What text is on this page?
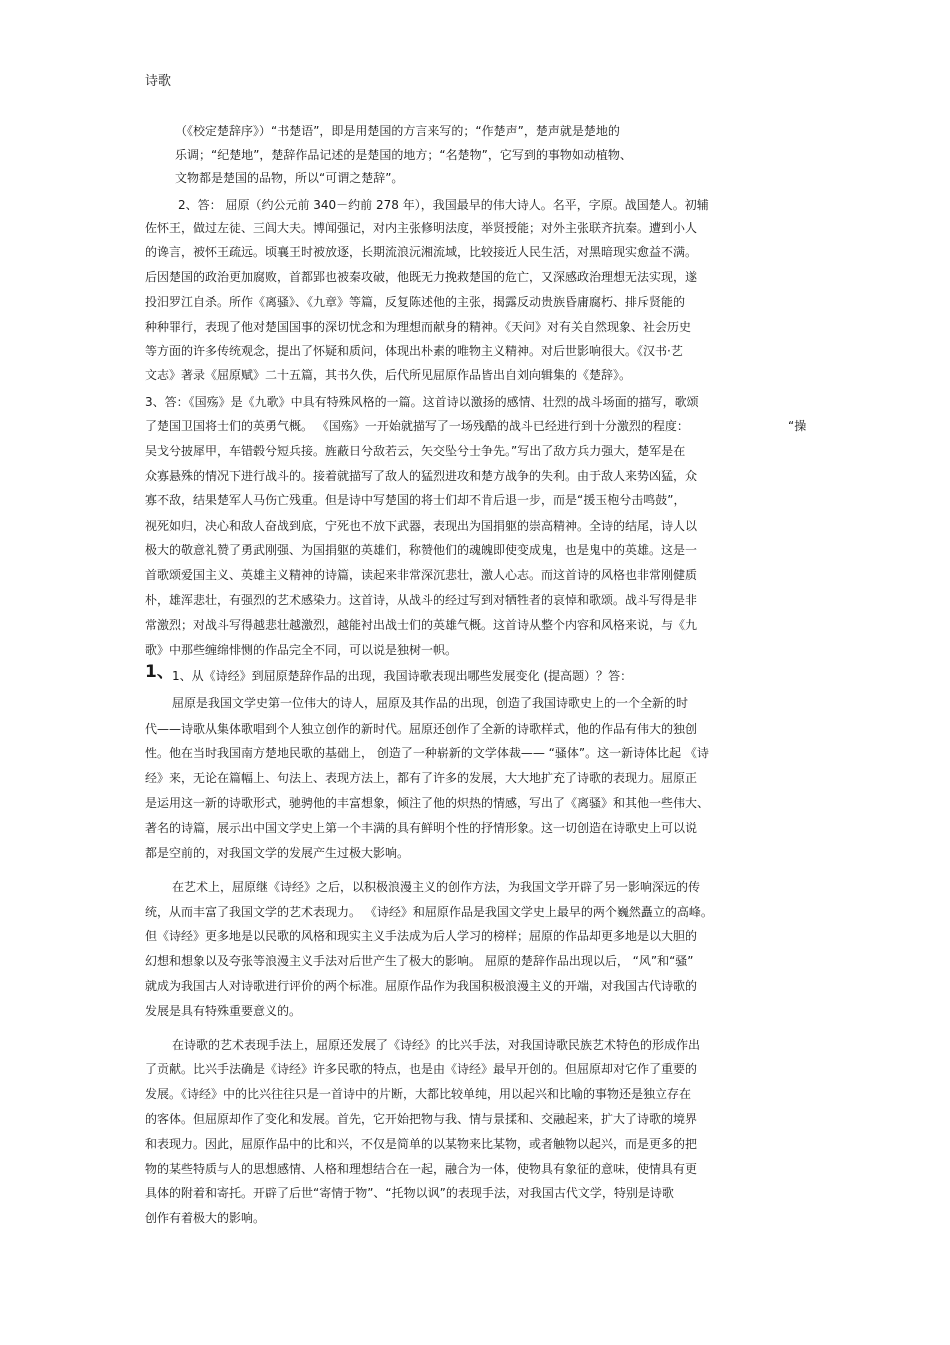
诗歌
（《校定楚辞序》）“书楚语”，即是用楚国的方言来写的；“作楚声”，楚声就是楚地的
乐调；“纪楚地”，楚辞作品记述的是楚国的地方；“名楚物”，它写到的事物如动植物、
文物都是楚国的品物，所以“可谓之楚辞”。
2、答： 屈原（约公元前 340－约前 278 年），我国最早的伟大诗人。名平，字原。战国楚人。初辅
佐怀王，做过左徒、三闾大夫。博闻强记，对内主张修明法度，举贤授能；对外主张联齐抗秦。遭到小人
的谗言，被怀王疏远。顷襄王时被放逐，长期流浪沅湘流域，比较接近人民生活，对黑暗现实愈益不满。
后因楚国的政治更加腐败，首都郢也被秦攻破，他既无力挽救楚国的危亡，又深感政治理想无法实现，遂
投汨罗江自杀。所作《离骚》、《九章》等篇，反复陈述他的主张，揭露反动贵族昏庸腐朽、排斥贤能的
种种罪行，表现了他对楚国国事的深切忧念和为理想而献身的精神。《天问》对有关自然现象、社会历史
等方面的许多传统观念，提出了怀疑和质问，体现出朴素的唯物主义精神。对后世影响很大。《汉书·艺
文志》著录《屈原赋》二十五篇，其书久佚，后代所见屈原作品皆出自刘向辑集的《楚辞》。
3、答：《国殇》是《九歌》中具有特殊风格的一篇。这首诗以激扬的感情、壮烈的战斗场面的描写，歌颂
了楚国卫国将士们的英勇气概。 《国殇》一开始就描写了一场残酷的战斗已经进行到十分激烈的程度：	“操
吴戈兮披犀甲，车错毂兮短兵接。旌蔽日兮敌若云，矢交坠兮士争先。”写出了敌方兵力强大，楚军是在
众寡悬殊的情况下进行战斗的。接着就描写了敌人的猛烈进攻和楚方战争的失利。由于敌人来势凶猛，众
寡不敌，结果楚军人马伤亡残重。但是诗中写楚国的将士们却不肯后退一步，而是“援玉枹兮击鸣鼓”，
视死如归，决心和敌人奋战到底，宁死也不放下武器，表现出为国捐躯的崇高精神。全诗的结尾，诗人以
极大的敬意礼赞了勇武刚强、为国捐躯的英雄们，称赞他们的魂魄即使变成鬼，也是鬼中的英雄。这是一
首歌颂爱国主义、英雄主义精神的诗篇，读起来非常深沉悲壮，激人心志。而这首诗的风格也非常刚健质
朴，雄浑悲壮，有强烈的艺术感染力。这首诗，从战斗的经过写到对牺牲者的哀悼和歌颂。战斗写得是非
常激烈；对战斗写得越悲壮越激烈，越能衬出战士们的英雄气概。这首诗从整个内容和风格来说，与《九
歌》中那些缠绵悱恻的作品完全不同，可以说是独树一帜。
1、
1、从《诗经》到屈原楚辞作品的出现，我国诗歌表现出哪些发展变化 (提高题）？答：
屈原是我国文学史第一位伟大的诗人，屈原及其作品的出现，创造了我国诗歌史上的一个全新的时
代——诗歌从集体歌唱到个人独立创作的新时代。屈原还创作了全新的诗歌样式，他的作品有伟大的独创
性。他在当时我国南方楚地民歌的基础上， 创造了一种崭新的文学体裁—— “骚体”。这一新诗体比起 《诗
经》来，无论在篇幅上、句法上、表现方法上，都有了许多的发展，大大地扩充了诗歌的表现力。屈原正
是运用这一新的诗歌形式，驰骋他的丰富想象，倾注了他的炽热的情感，写出了《离骚》和其他一些伟大、
著名的诗篇，展示出中国文学史上第一个丰满的具有鲜明个性的抒情形象。这一切创造在诗歌史上可以说
都是空前的，对我国文学的发展产生过极大影响。
在艺术上，屈原继《诗经》之后，以积极浪漫主义的创作方法，为我国文学开辟了另一影响深远的传
统，从而丰富了我国文学的艺术表现力。 《诗经》和屈原作品是我国文学史上最早的两个巍然矗立的高峰。
但《诗经》更多地是以民歌的风格和现实主义手法成为后人学习的榜样；屈原的作品却更多地是以大胆的
幻想和想象以及夸张等浪漫主义手法对后世产生了极大的影响。 屈原的楚辞作品出现以后， “风”和“骚”
就成为我国古人对诗歌进行评价的两个标准。屈原作品作为我国积极浪漫主义的开端，对我国古代诗歌的
发展是具有特殊重要意义的。
在诗歌的艺术表现手法上，屈原还发展了《诗经》的比兴手法，对我国诗歌民族艺术特色的形成作出
了贡献。比兴手法确是《诗经》许多民歌的特点，也是由《诗经》最早开创的。但屈原却对它作了重要的
发展。《诗经》中的比兴往往只是一首诗中的片断，大都比较单纯，用以起兴和比喻的事物还是独立存在
的客体。但屈原却作了变化和发展。首先，它开始把物与我、情与景揉和、交融起来，扩大了诗歌的境界
和表现力。因此，屈原作品中的比和兴，不仅是简单的以某物来比某物，或者触物以起兴，而是更多的把
物的某些特质与人的思想感情、人格和理想结合在一起，融合为一体，使物具有象征的意味，使情具有更
具体的附着和寄托。开辟了后世“寄情于物”、“托物以讽”的表现手法，对我国古代文学，特别是诗歌
创作有着极大的影响。
